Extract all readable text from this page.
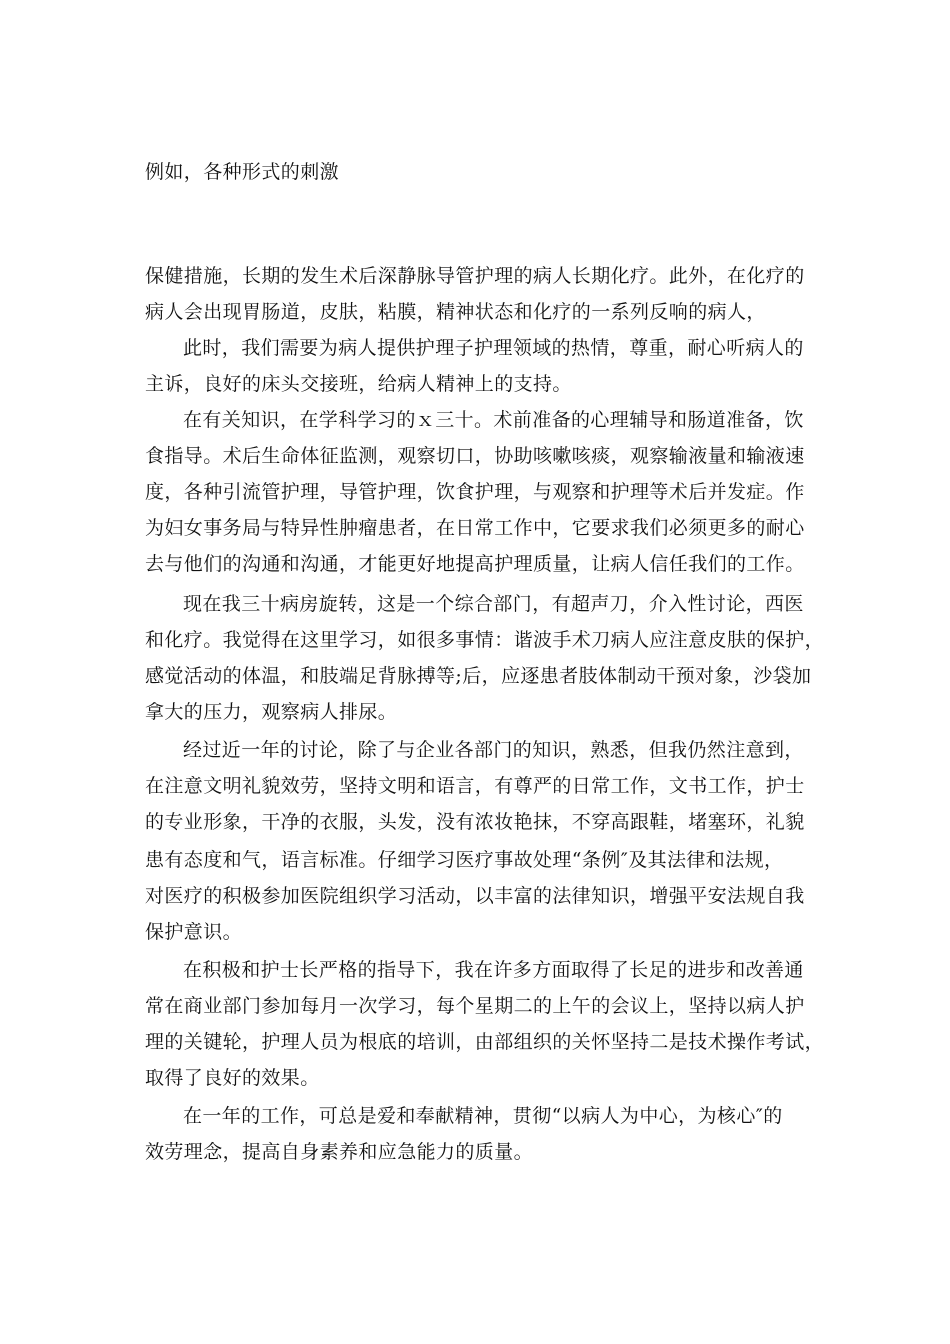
例如，各种形式的刺激
保健措施，长期的发生术后深静脉导管护理的病人长期化疗。此外，在化疗的
病人会出现胃肠道，皮肤，粘膜，精神状态和化疗的一系列反响的病人，
此时，我们需要为病人提供护理子护理领域的热情，尊重，耐心听病人的
主诉，良好的床头交接班，给病人精神上的支持。
在有关知识，在学科学习的ｘ三十。术前准备的心理辅导和肠道准备，饮
食指导。术后生命体征监测，观察切口，协助咳嗽咳痰，观察输液量和输液速
度，各种引流管护理，导管护理，饮食护理，与观察和护理等术后并发症。作
为妇女事务局与特异性肿瘤患者，在日常工作中，它要求我们必须更多的耐心
去与他们的沟通和沟通，才能更好地提高护理质量，让病人信任我们的工作。
现在我三十病房旋转，这是一个综合部门，有超声刀，介入性讨论，西医
和化疗。我觉得在这里学习，如很多事情：谐波手术刀病人应注意皮肤的保护，
感觉活动的体温，和肢端足背脉搏等;后，应逐患者肢体制动干预对象，沙袋加
拿大的压力，观察病人排尿。
经过近一年的讨论，除了与企业各部门的知识，熟悉，但我仍然注意到，
在注意文明礼貌效劳，坚持文明和语言，有尊严的日常工作，文书工作，护士
的专业形象，干净的衣服，头发，没有浓妆艳抹，不穿高跟鞋，堵塞环，礼貌
患有态度和气，语言标准。仔细学习医疗事故处理“条例″及其法律和法规，
对医疗的积极参加医院组织学习活动，以丰富的法律知识，增强平安法规自我
保护意识。
在积极和护士长严格的指导下，我在许多方面取得了长足的进步和改善通
常在商业部门参加每月一次学习，每个星期二的上午的会议上，坚持以病人护
理的关键轮，护理人员为根底的培训，由部组织的关怀坚持二是技术操作考试，
取得了良好的效果。
在一年的工作，可总是爱和奉献精神，贯彻“以病人为中心，为核心″的
效劳理念，提高自身素养和应急能力的质量。
